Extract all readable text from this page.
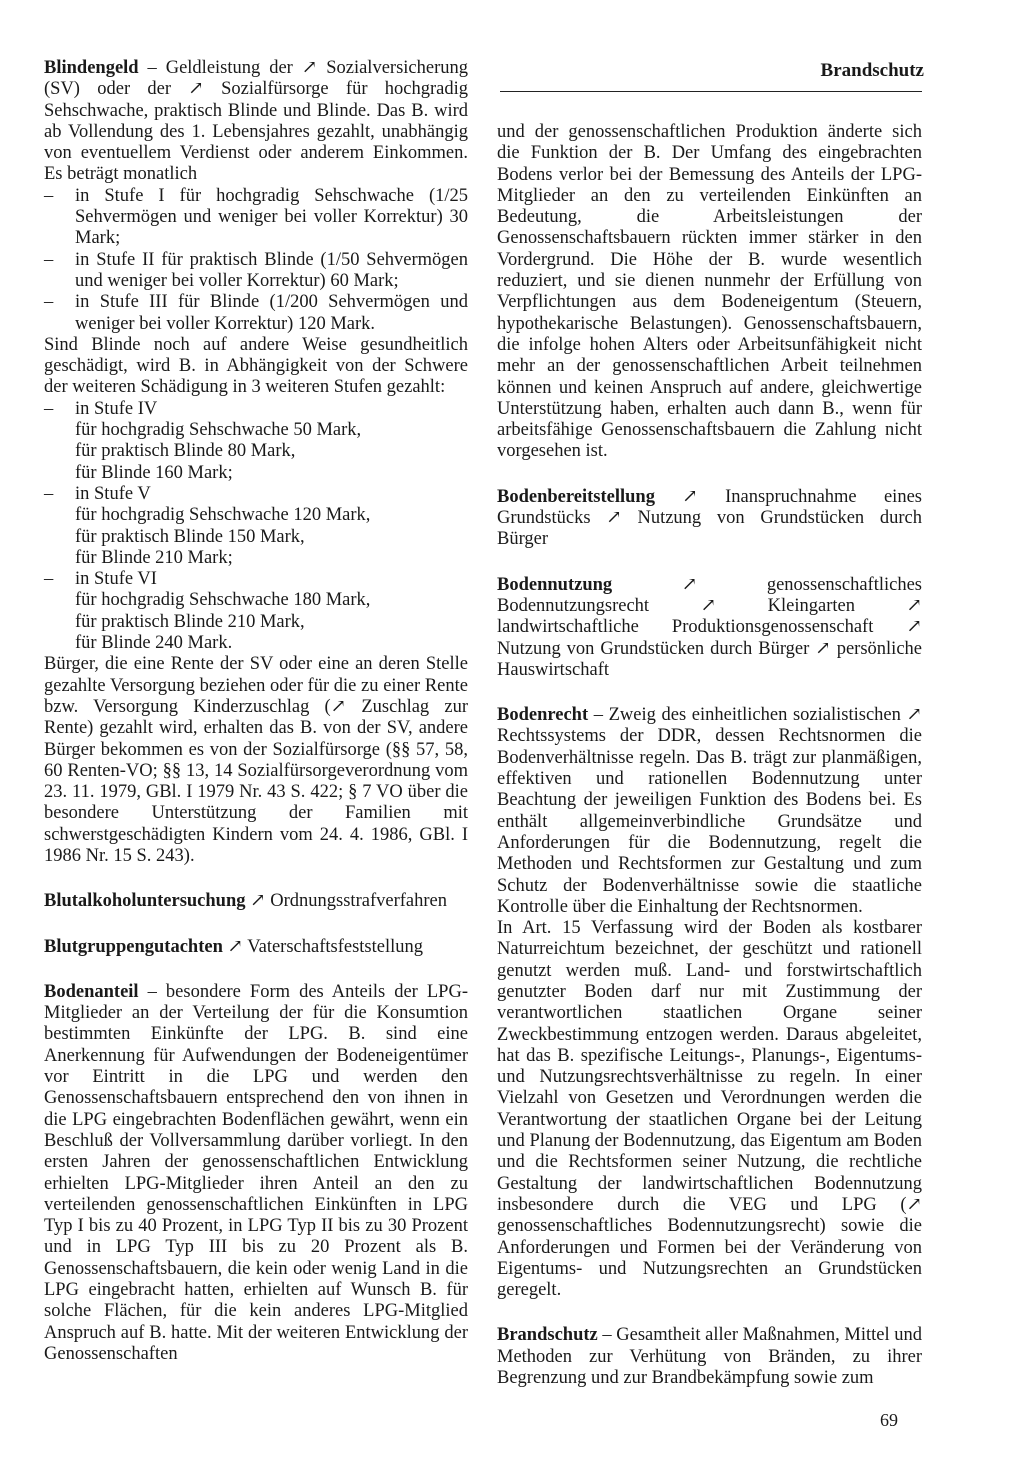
Brandschutz

Blindengeld – Geldleistung der ↗ Sozialversicherung (SV) oder der ↗ Sozialfürsorge für hochgradig Sehschwache, praktisch Blinde und Blinde. Das B. wird ab Vollendung des 1. Lebensjahres gezahlt, unabhängig von eventuellem Verdienst oder anderem Einkommen. Es beträgt monatlich

– in Stufe I für hochgradig Sehschwache (1/25 Sehvermögen und weniger bei voller Korrektur) 30 Mark;
– in Stufe II für praktisch Blinde (1/50 Sehvermögen und weniger bei voller Korrektur) 60 Mark;
– in Stufe III für Blinde (1/200 Sehvermögen und weniger bei voller Korrektur) 120 Mark.

Sind Blinde noch auf andere Weise gesundheitlich geschädigt, wird B. in Abhängigkeit von der Schwere der weiteren Schädigung in 3 weiteren Stufen gezahlt:

– in Stufe IV
für hochgradig Sehschwache 50 Mark,
für praktisch Blinde 80 Mark,
für Blinde 160 Mark;
– in Stufe V
für hochgradig Sehschwache 120 Mark,
für praktisch Blinde 150 Mark,
für Blinde 210 Mark;
– in Stufe VI
für hochgradig Sehschwache 180 Mark,
für praktisch Blinde 210 Mark,
für Blinde 240 Mark.

Bürger, die eine Rente der SV oder eine an deren Stelle gezahlte Versorgung beziehen oder für die zu einer Rente bzw. Versorgung Kinderzuschlag (↗ Zuschlag zur Rente) gezahlt wird, erhalten das B. von der SV, andere Bürger bekommen es von der Sozialfürsorge (§§ 57, 58, 60 Renten-VO; §§ 13, 14 Sozialfürsorgeverordnung vom 23. 11. 1979, GBl. I 1979 Nr. 43 S. 422; § 7 VO über die besondere Unterstützung der Familien mit schwerstgeschädigten Kindern vom 24. 4. 1986, GBl. I 1986 Nr. 15 S. 243).

Blutalkoholuntersuchung ↗ Ordnungsstrafverfahren

Blutgruppengutachten ↗ Vaterschaftsfeststellung

Bodenanteil – besondere Form des Anteils der LPG-Mitglieder an der Verteilung der für die Konsumtion bestimmten Einkünfte der LPG. B. sind eine Anerkennung für Aufwendungen der Bodeneigentümer vor Eintritt in die LPG und werden den Genossenschaftsbauern entsprechend den von ihnen in die LPG eingebrachten Bodenflächen gewährt, wenn ein Beschluß der Vollversammlung darüber vorliegt. In den ersten Jahren der genossenschaftlichen Entwicklung erhielten LPG-Mitglieder ihren Anteil an den zu verteilenden genossenschaftlichen Einkünften in LPG Typ I bis zu 40 Prozent, in LPG Typ II bis zu 30 Prozent und in LPG Typ III bis zu 20 Prozent als B. Genossenschaftsbauern, die kein oder wenig Land in die LPG eingebracht hatten, erhielten auf Wunsch B. für solche Flächen, für die kein anderes LPG-Mitglied Anspruch auf B. hatte. Mit der weiteren Entwicklung der Genossenschaften

und der genossenschaftlichen Produktion änderte sich die Funktion der B. Der Umfang des eingebrachten Bodens verlor bei der Bemessung des Anteils der LPG-Mitglieder an den zu verteilenden Einkünften an Bedeutung, die Arbeitsleistungen der Genossenschaftsbauern rückten immer stärker in den Vordergrund. Die Höhe der B. wurde wesentlich reduziert, und sie dienen nunmehr der Erfüllung von Verpflichtungen aus dem Bodeneigentum (Steuern, hypothekarische Belastungen). Genossenschaftsbauern, die infolge hohen Alters oder Arbeitsunfähigkeit nicht mehr an der genossenschaftlichen Arbeit teilnehmen können und keinen Anspruch auf andere, gleichwertige Unterstützung haben, erhalten auch dann B., wenn für arbeitsfähige Genossenschaftsbauern die Zahlung nicht vorgesehen ist.

Bodenbereitstellung ↗ Inanspruchnahme eines Grundstücks ↗ Nutzung von Grundstücken durch Bürger

Bodennutzung ↗ genossenschaftliches Bodennutzungsrecht ↗ Kleingarten ↗ landwirtschaftliche Produktionsgenossenschaft ↗ Nutzung von Grundstücken durch Bürger ↗ persönliche Hauswirtschaft

Bodenrecht – Zweig des einheitlichen sozialistischen ↗ Rechtssystems der DDR, dessen Rechtsnormen die Bodenverhältnisse regeln. Das B. trägt zur planmäßigen, effektiven und rationellen Bodennutzung unter Beachtung der jeweiligen Funktion des Bodens bei. Es enthält allgemeinverbindliche Grundsätze und Anforderungen für die Bodennutzung, regelt die Methoden und Rechtsformen zur Gestaltung und zum Schutz der Bodenverhältnisse sowie die staatliche Kontrolle über die Einhaltung der Rechtsnormen.

In Art. 15 Verfassung wird der Boden als kostbarer Naturreichtum bezeichnet, der geschützt und rationell genutzt werden muß. Land- und forstwirtschaftlich genutzter Boden darf nur mit Zustimmung der verantwortlichen staatlichen Organe seiner Zweckbestimmung entzogen werden. Daraus abgeleitet, hat das B. spezifische Leitungs-, Planungs-, Eigentums- und Nutzungsrechtsverhältnisse zu regeln. In einer Vielzahl von Gesetzen und Verordnungen werden die Verantwortung der staatlichen Organe bei der Leitung und Planung der Bodennutzung, das Eigentum am Boden und die Rechtsformen seiner Nutzung, die rechtliche Gestaltung der landwirtschaftlichen Bodennutzung insbesondere durch die VEG und LPG (↗ genossenschaftliches Bodennutzungsrecht) sowie die Anforderungen und Formen bei der Veränderung von Eigentums- und Nutzungsrechten an Grundstücken geregelt.

Brandschutz – Gesamtheit aller Maßnahmen, Mittel und Methoden zur Verhütung von Bränden, zu ihrer Begrenzung und zur Brandbekämpfung sowie zum

69
